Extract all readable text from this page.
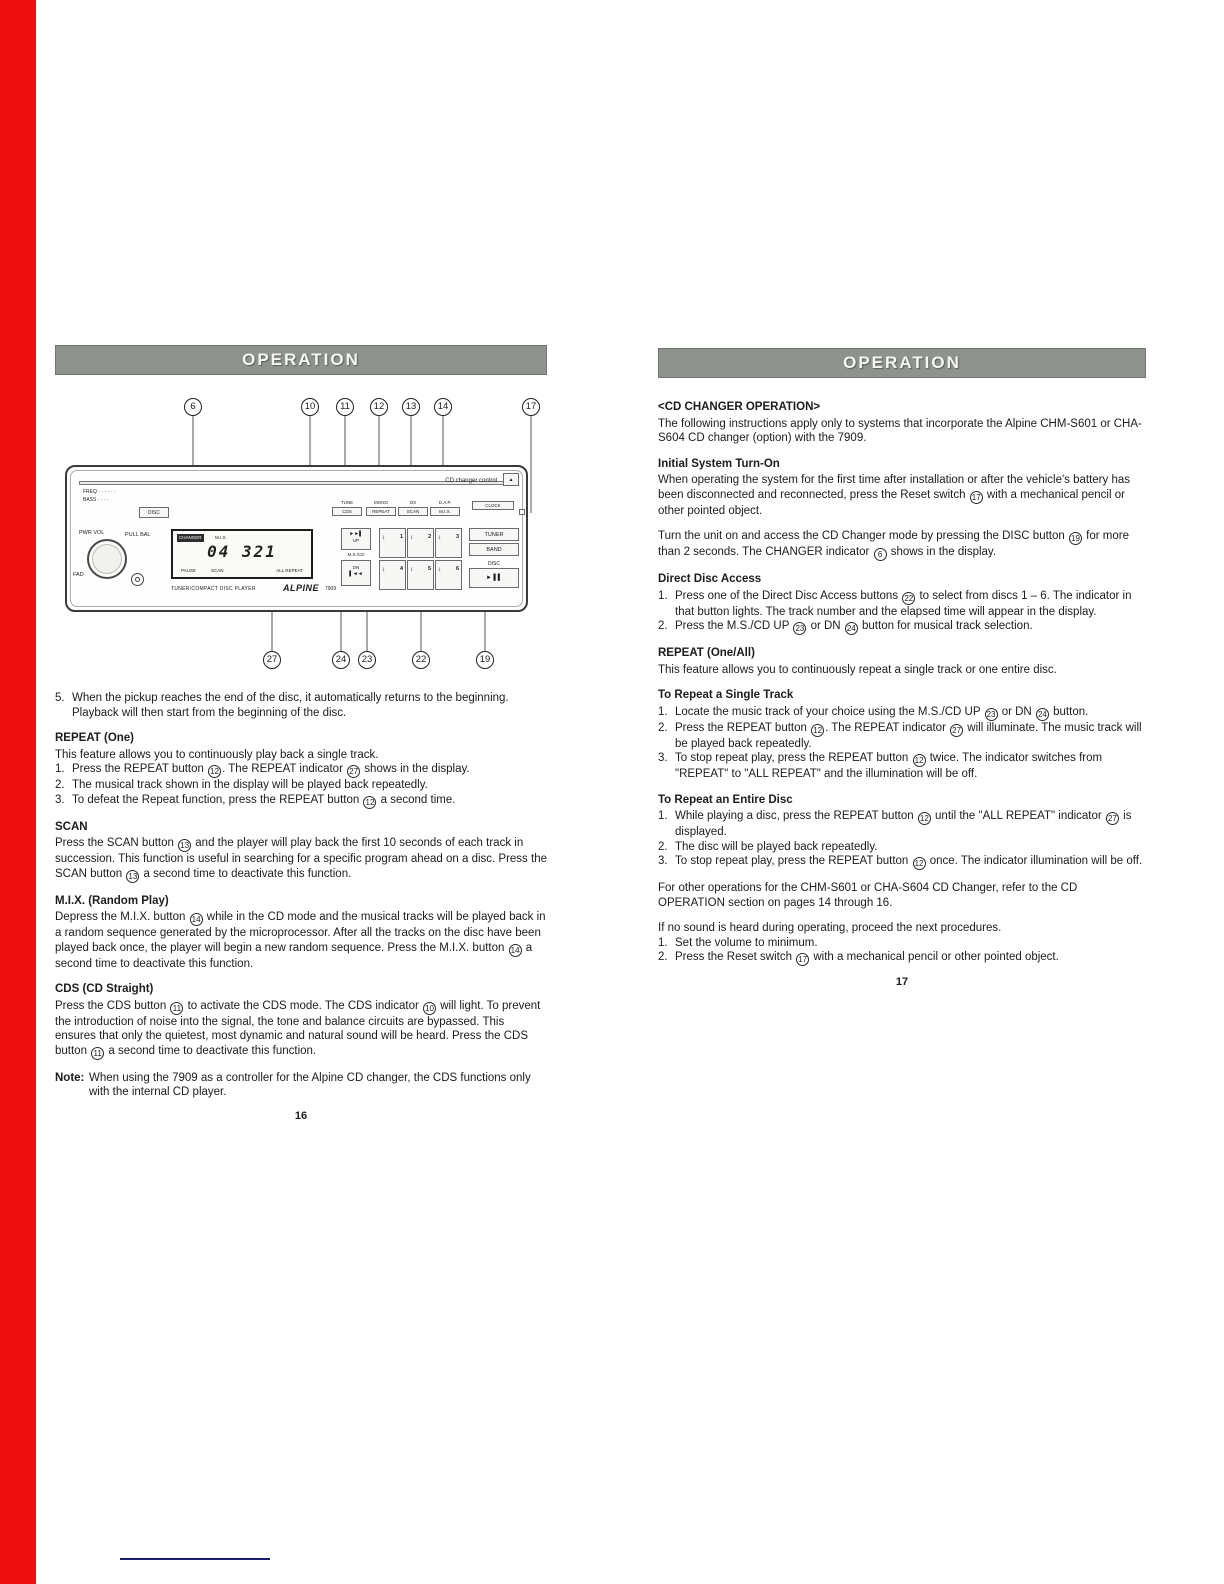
OPERATION
6	10	11	12	13	14	17
27	24	23	22	19
FREQ · · · · · ·
BASS · · · ·
DISC
CD changer control	▲
PWR VOL	PULL BAL
FAD
CHANGER	M.I.X.
04 321
PAUSE	SCAN	ALL REPEAT
TUNER/COMPACT DISC PLAYER	ALPINE 7909
TUNE
CDS
MONO
REPEAT
DX
SCAN
D.A.P.
M.I.X.
CLOCK
►►▌
UP
M.S./CD
DN
▌◄◄
↕	1 ↕	2 ↕	3
↕	4 ↕	5 ↕	6
TUNER
BAND
DISC
► ▌▌
5. When the pickup reaches the end of the disc, it automatically returns to the beginning. Playback will then start from the beginning of the disc.
REPEAT (One)
This feature allows you to continuously play back a single track.
1. Press the REPEAT button 12 . The REPEAT indicator 27 shows in the display.
2. The musical track shown in the display will be played back repeatedly.
3. To defeat the Repeat function, press the REPEAT button 12 a second time.
SCAN
Press the SCAN button 13 and the player will play back the first 10 seconds of each track in succession. This function is useful in searching for a specific program ahead on a disc. Press the SCAN button 13 a second time to deactivate this function.
M.I.X. (Random Play)
Depress the M.I.X. button 14 while in the CD mode and the musical tracks will be played back in a random sequence generated by the microprocessor. After all the tracks on the disc have been played back once, the player will begin a new random sequence. Press the M.I.X. button 14 a second time to deactivate this function.
CDS (CD Straight)
Press the CDS button 11 to activate the CDS mode. The CDS indicator 10 will light. To prevent the introduction of noise into the signal, the tone and balance circuits are bypassed. This ensures that only the quietest, most dynamic and natural sound will be heard. Press the CDS button 11 a second time to deactivate this function.
Note: When using the 7909 as a controller for the Alpine CD changer, the CDS functions only with the internal CD player.
16
OPERATION
<CD CHANGER OPERATION>
The following instructions apply only to systems that incorporate the Alpine CHM-S601 or CHA-S604 CD changer (option) with the 7909.
Initial System Turn-On
When operating the system for the first time after installation or after the vehicle's battery has been disconnected and reconnected, press the Reset switch 17 with a mechanical pencil or other pointed object.
Turn the unit on and access the CD Changer mode by pressing the DISC button 19 for more than 2 seconds. The CHANGER indicator 6 shows in the display.
Direct Disc Access
1. Press one of the Direct Disc Access buttons 22 to select from discs 1 – 6. The indicator in that button lights. The track number and the elapsed time will appear in the display.
2. Press the M.S./CD UP 23 or DN 24 button for musical track selection.
REPEAT (One/All)
This feature allows you to continuously repeat a single track or one entire disc.
To Repeat a Single Track
1. Locate the music track of your choice using the M.S./CD UP 23 or DN 24 button.
2. Press the REPEAT button 12 . The REPEAT indicator 27 will illuminate. The music track will be played back repeatedly.
3. To stop repeat play, press the REPEAT button 12 twice. The indicator switches from "REPEAT" to "ALL REPEAT" and the illumination will be off.
To Repeat an Entire Disc
1. While playing a disc, press the REPEAT button 12 until the "ALL REPEAT" indicator 27 is displayed.
2. The disc will be played back repeatedly.
3. To stop repeat play, press the REPEAT button 12 once. The indicator illumination will be off.
For other operations for the CHM-S601 or CHA-S604 CD Changer, refer to the CD OPERATION section on pages 14 through 16.
If no sound is heard during operating, proceed the next procedures.
1. Set the volume to minimum.
2. Press the Reset switch 17 with a mechanical pencil or other pointed object.
17
